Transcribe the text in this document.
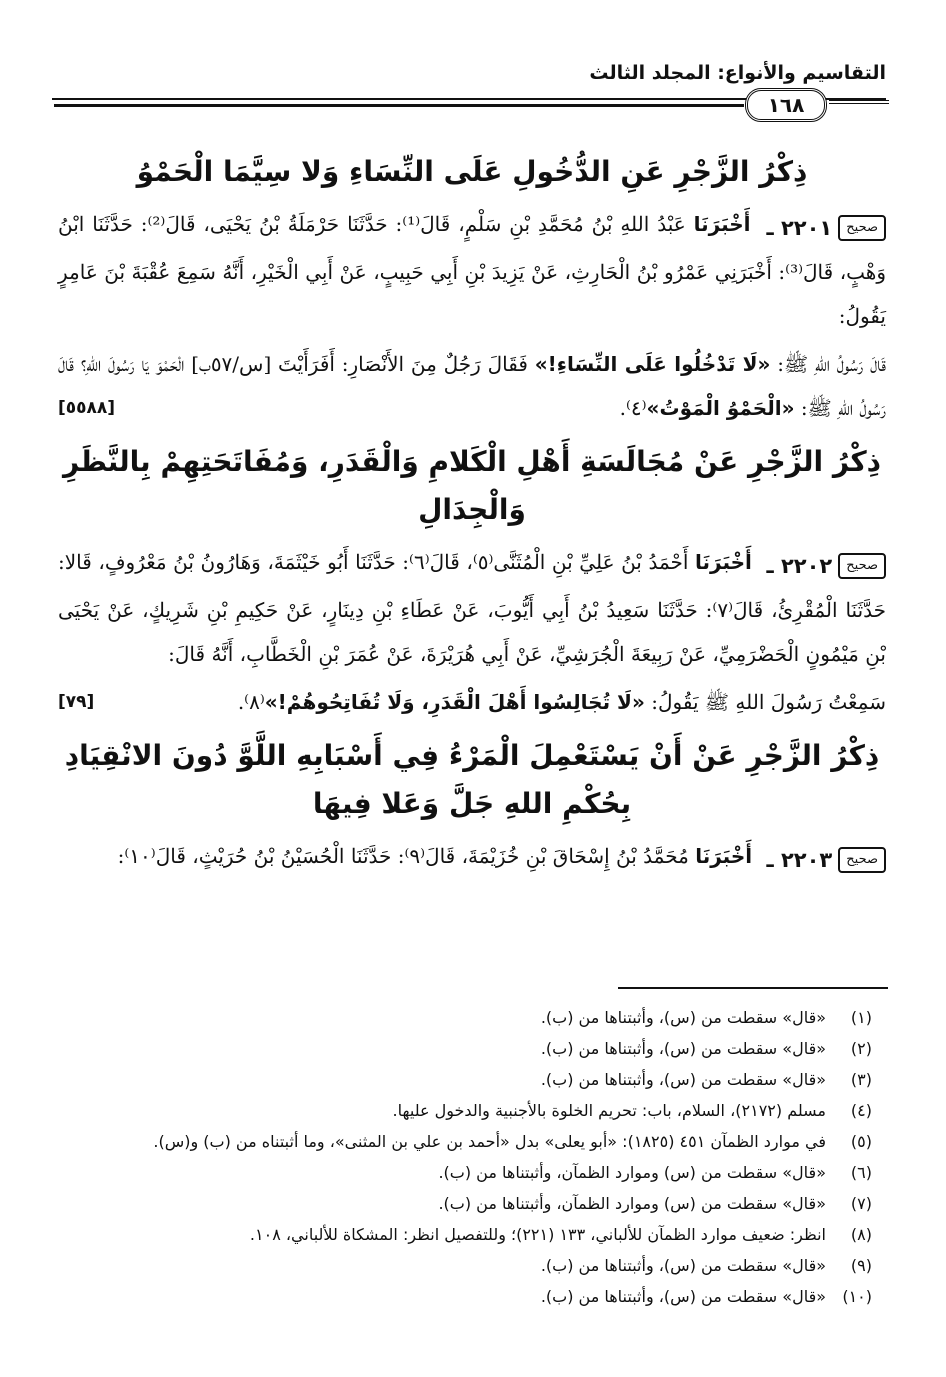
التقاسيم والأنواع: المجلد الثالث
١٦٨
ذِكْرُ الزَّجْرِ عَنِ الدُّخُولِ عَلَى النِّسَاءِ وَلا سِيَّمَا الْحَمْوُ

صحيح
٢٢٠١ ـ
أَخْبَرَنَا عَبْدُ اللهِ بْنُ مُحَمَّدِ بْنِ سَلْمٍ، قَالَ⁽¹⁾: حَدَّثَنَا حَرْمَلَةُ بْنُ يَحْيَى، قَالَ⁽²⁾: حَدَّثَنَا ابْنُ وَهْبٍ، قَالَ⁽³⁾: أَخْبَرَنِي عَمْرُو بْنُ الْحَارِثِ، عَنْ يَزِيدَ بْنِ أَبِي حَبِيبٍ، عَنْ أَبِي الْخَيْرِ، أَنَّهُ سَمِعَ عُقْبَةَ بْنَ عَامِرٍ يَقُولُ:

قَالَ رَسُولُ اللهِ ﷺ: «لَا تَدْخُلُوا عَلَى النِّسَاءِ!» فَقَالَ رَجُلٌ مِنَ الأَنْصَارِ: أَفَرَأَيْتَ [س/٥٧ب] الْحَمْوَ يَا رَسُولَ اللهِ؟ قَالَ رَسُولُ اللهِ ﷺ: «الْحَمْوُ الْمَوْتُ»⁽٤⁾.
[٥٥٨٨]

ذِكْرُ الزَّجْرِ عَنْ مُجَالَسَةِ أَهْلِ الْكَلامِ وَالْقَدَرِ، وَمُفَاتَحَتِهِمْ بِالنَّظَرِ وَالْجِدَالِ

صحيح
٢٢٠٢ ـ
أَخْبَرَنَا أَحْمَدُ بْنُ عَلِيِّ بْنِ الْمُثَنَّى⁽٥⁾، قَالَ⁽٦⁾: حَدَّثَنَا أَبُو خَيْثَمَةَ، وَهَارُونُ بْنُ مَعْرُوفٍ، قَالا: حَدَّثَنَا الْمُقْرِئُ، قَالَ⁽٧⁾: حَدَّثَنَا سَعِيدُ بْنُ أَبِي أَيُّوبَ، عَنْ عَطَاءِ بْنِ دِينَارٍ، عَنْ حَكِيمِ بْنِ شَرِيكٍ، عَنْ يَحْيَى بْنِ مَيْمُونٍ الْحَضْرَمِيِّ، عَنْ رَبِيعَةَ الْجُرَشِيِّ، عَنْ أَبِي هُرَيْرَةَ، عَنْ عُمَرَ بْنِ الْخَطَّابِ، أَنَّهُ قَالَ:

سَمِعْتُ رَسُولَ اللهِ ﷺ يَقُولُ: «لَا تُجَالِسُوا أَهْلَ الْقَدَرِ، وَلَا تُفَاتِحُوهُمْ!»⁽٨⁾.
[٧٩]

ذِكْرُ الزَّجْرِ عَنْ أَنْ يَسْتَعْمِلَ الْمَرْءُ فِي أَسْبَابِهِ اللَّوَّ دُونَ الانْقِيَادِ بِحُكْمِ اللهِ جَلَّ وَعَلا فِيهَا

صحيح
٢٢٠٣ ـ
أَخْبَرَنَا مُحَمَّدُ بْنُ إِسْحَاقَ بْنِ خُزَيْمَةَ، قَالَ⁽٩⁾: حَدَّثَنَا الْحُسَيْنُ بْنُ حُرَيْثٍ، قَالَ⁽١٠⁾:

(١)
«قال» سقطت من (س)، وأثبتناها من (ب).
(٢)
«قال» سقطت من (س)، وأثبتناها من (ب).
(٣)
«قال» سقطت من (س)، وأثبتناها من (ب).
(٤)
مسلم (٢١٧٢)، السلام، باب: تحريم الخلوة بالأجنبية والدخول عليها.
(٥)
في موارد الظمآن ٤٥١ (١٨٢٥): «أبو يعلى» بدل «أحمد بن علي بن المثنى»، وما أثبتناه من (ب) و(س).
(٦)
«قال» سقطت من (س) وموارد الظمآن، وأثبتناها من (ب).
(٧)
«قال» سقطت من (س) وموارد الظمآن، وأثبتناها من (ب).
(٨)
انظر: ضعيف موارد الظمآن للألباني، ١٣٣ (٢٢١)؛ وللتفصيل انظر: المشكاة للألباني، ١٠٨.
(٩)
«قال» سقطت من (س)، وأثبتناها من (ب).
(١٠)
«قال» سقطت من (س)، وأثبتناها من (ب).
